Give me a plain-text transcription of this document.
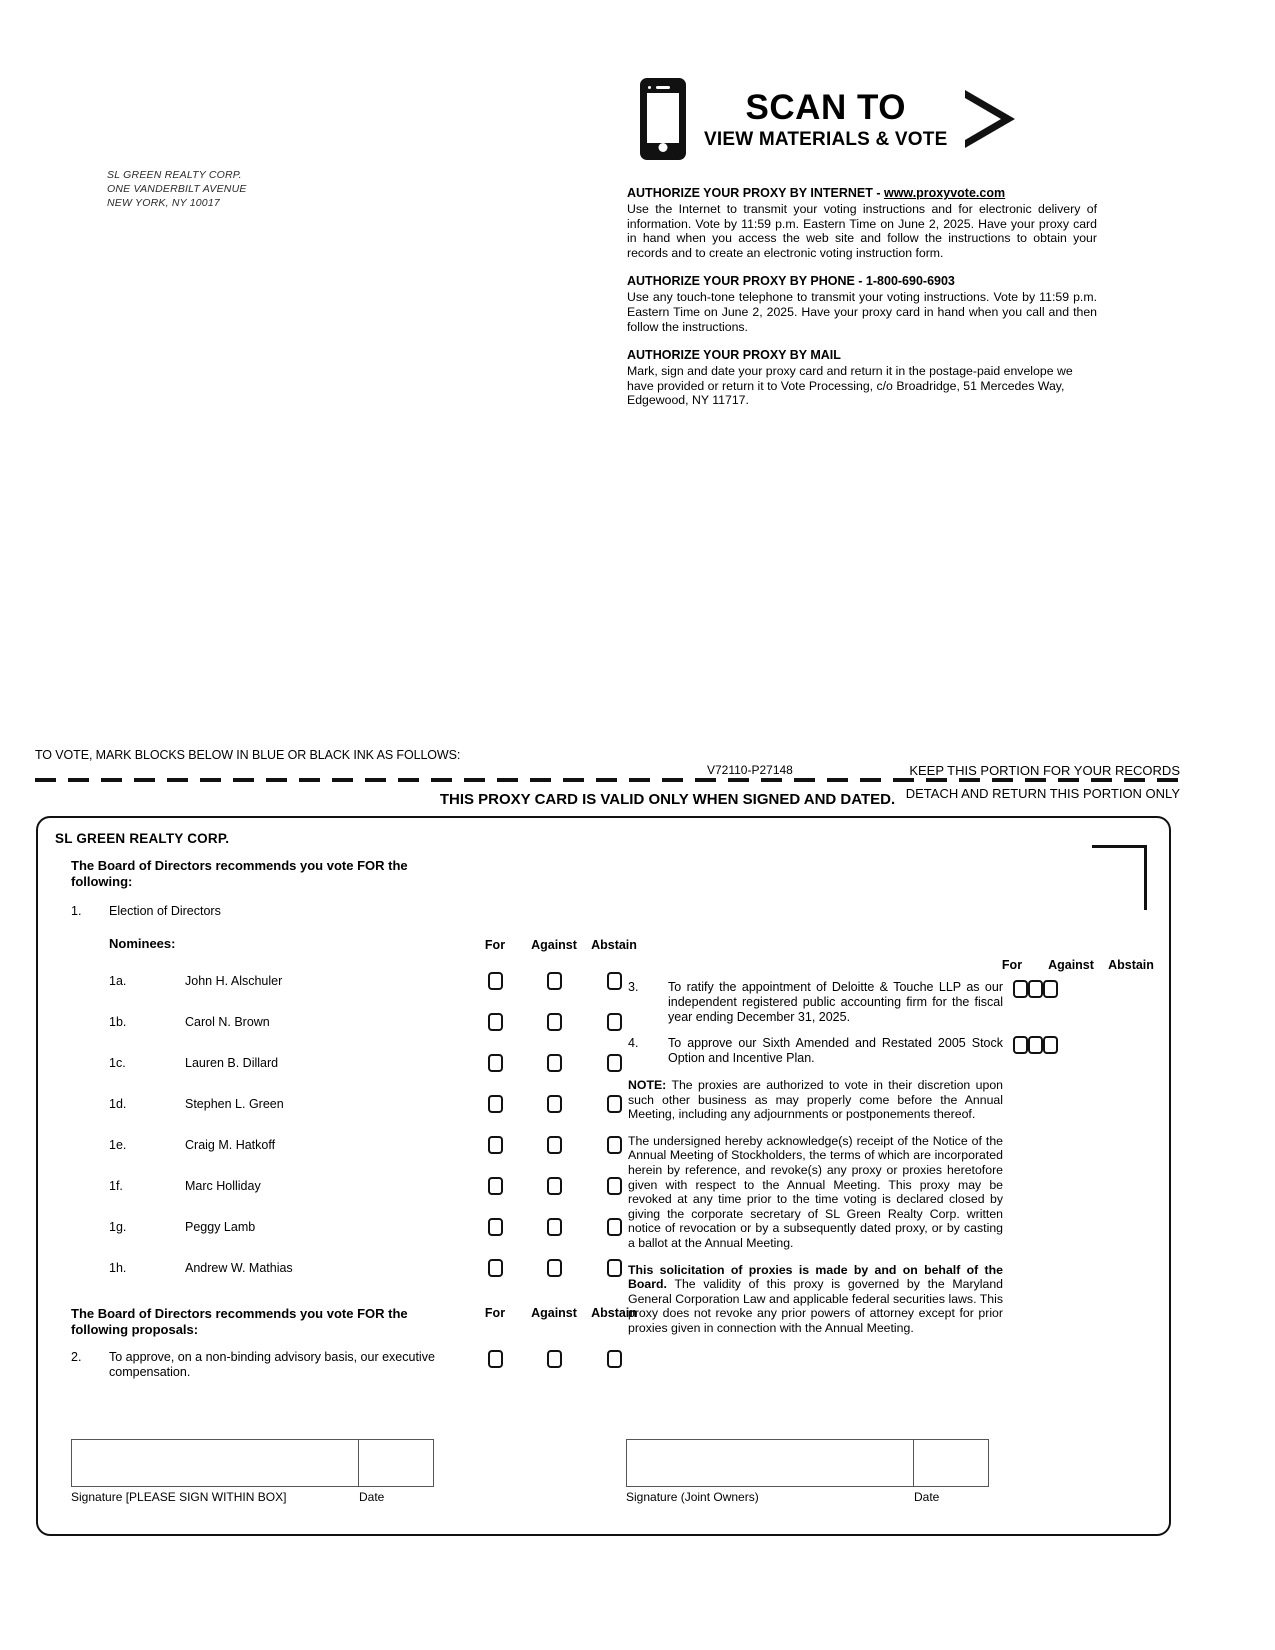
SCAN TO
VIEW MATERIALS & VOTE
SL GREEN REALTY CORP.
ONE VANDERBILT AVENUE
NEW YORK, NY 10017
AUTHORIZE YOUR PROXY BY INTERNET - www.proxyvote.com
Use the Internet to transmit your voting instructions and for electronic delivery of information. Vote by 11:59 p.m. Eastern Time on June 2, 2025. Have your proxy card in hand when you access the web site and follow the instructions to obtain your records and to create an electronic voting instruction form.
AUTHORIZE YOUR PROXY BY PHONE - 1-800-690-6903
Use any touch-tone telephone to transmit your voting instructions. Vote by 11:59 p.m. Eastern Time on June 2, 2025. Have your proxy card in hand when you call and then follow the instructions.
AUTHORIZE YOUR PROXY BY MAIL
Mark, sign and date your proxy card and return it in the postage-paid envelope we have provided or return it to Vote Processing, c/o Broadridge, 51 Mercedes Way, Edgewood, NY 11717.
TO VOTE, MARK BLOCKS BELOW IN BLUE OR BLACK INK AS FOLLOWS:
V72110-P27148	KEEP THIS PORTION FOR YOUR RECORDS
DETACH AND RETURN THIS PORTION ONLY
THIS PROXY CARD IS VALID ONLY WHEN SIGNED AND DATED.
SL GREEN REALTY CORP.
The Board of Directors recommends you vote FOR the following:
1.	Election of Directors
Nominees:	For	Against	Abstain
1a.	John H. Alschuler
1b.	Carol N. Brown
1c.	Lauren B. Dillard
1d.	Stephen L. Green
1e.	Craig M. Hatkoff
1f.	Marc Holliday
1g.	Peggy Lamb
1h.	Andrew W. Mathias
The Board of Directors recommends you vote FOR the following proposals:
For	Against	Abstain
2.	To approve, on a non-binding advisory basis, our executive compensation.
For	Against	Abstain
3.	To ratify the appointment of Deloitte & Touche LLP as our independent registered public accounting firm for the fiscal year ending December 31, 2025.
4.	To approve our Sixth Amended and Restated 2005 Stock Option and Incentive Plan.
NOTE: The proxies are authorized to vote in their discretion upon such other business as may properly come before the Annual Meeting, including any adjournments or postponements thereof.
The undersigned hereby acknowledge(s) receipt of the Notice of the Annual Meeting of Stockholders, the terms of which are incorporated herein by reference, and revoke(s) any proxy or proxies heretofore given with respect to the Annual Meeting. This proxy may be revoked at any time prior to the time voting is declared closed by giving the corporate secretary of SL Green Realty Corp. written notice of revocation or by a subsequently dated proxy, or by casting a ballot at the Annual Meeting.
This solicitation of proxies is made by and on behalf of the Board. The validity of this proxy is governed by the Maryland General Corporation Law and applicable federal securities laws. This proxy does not revoke any prior powers of attorney except for prior proxies given in connection with the Annual Meeting.
Signature [PLEASE SIGN WITHIN BOX]	Date	Signature (Joint Owners)	Date
